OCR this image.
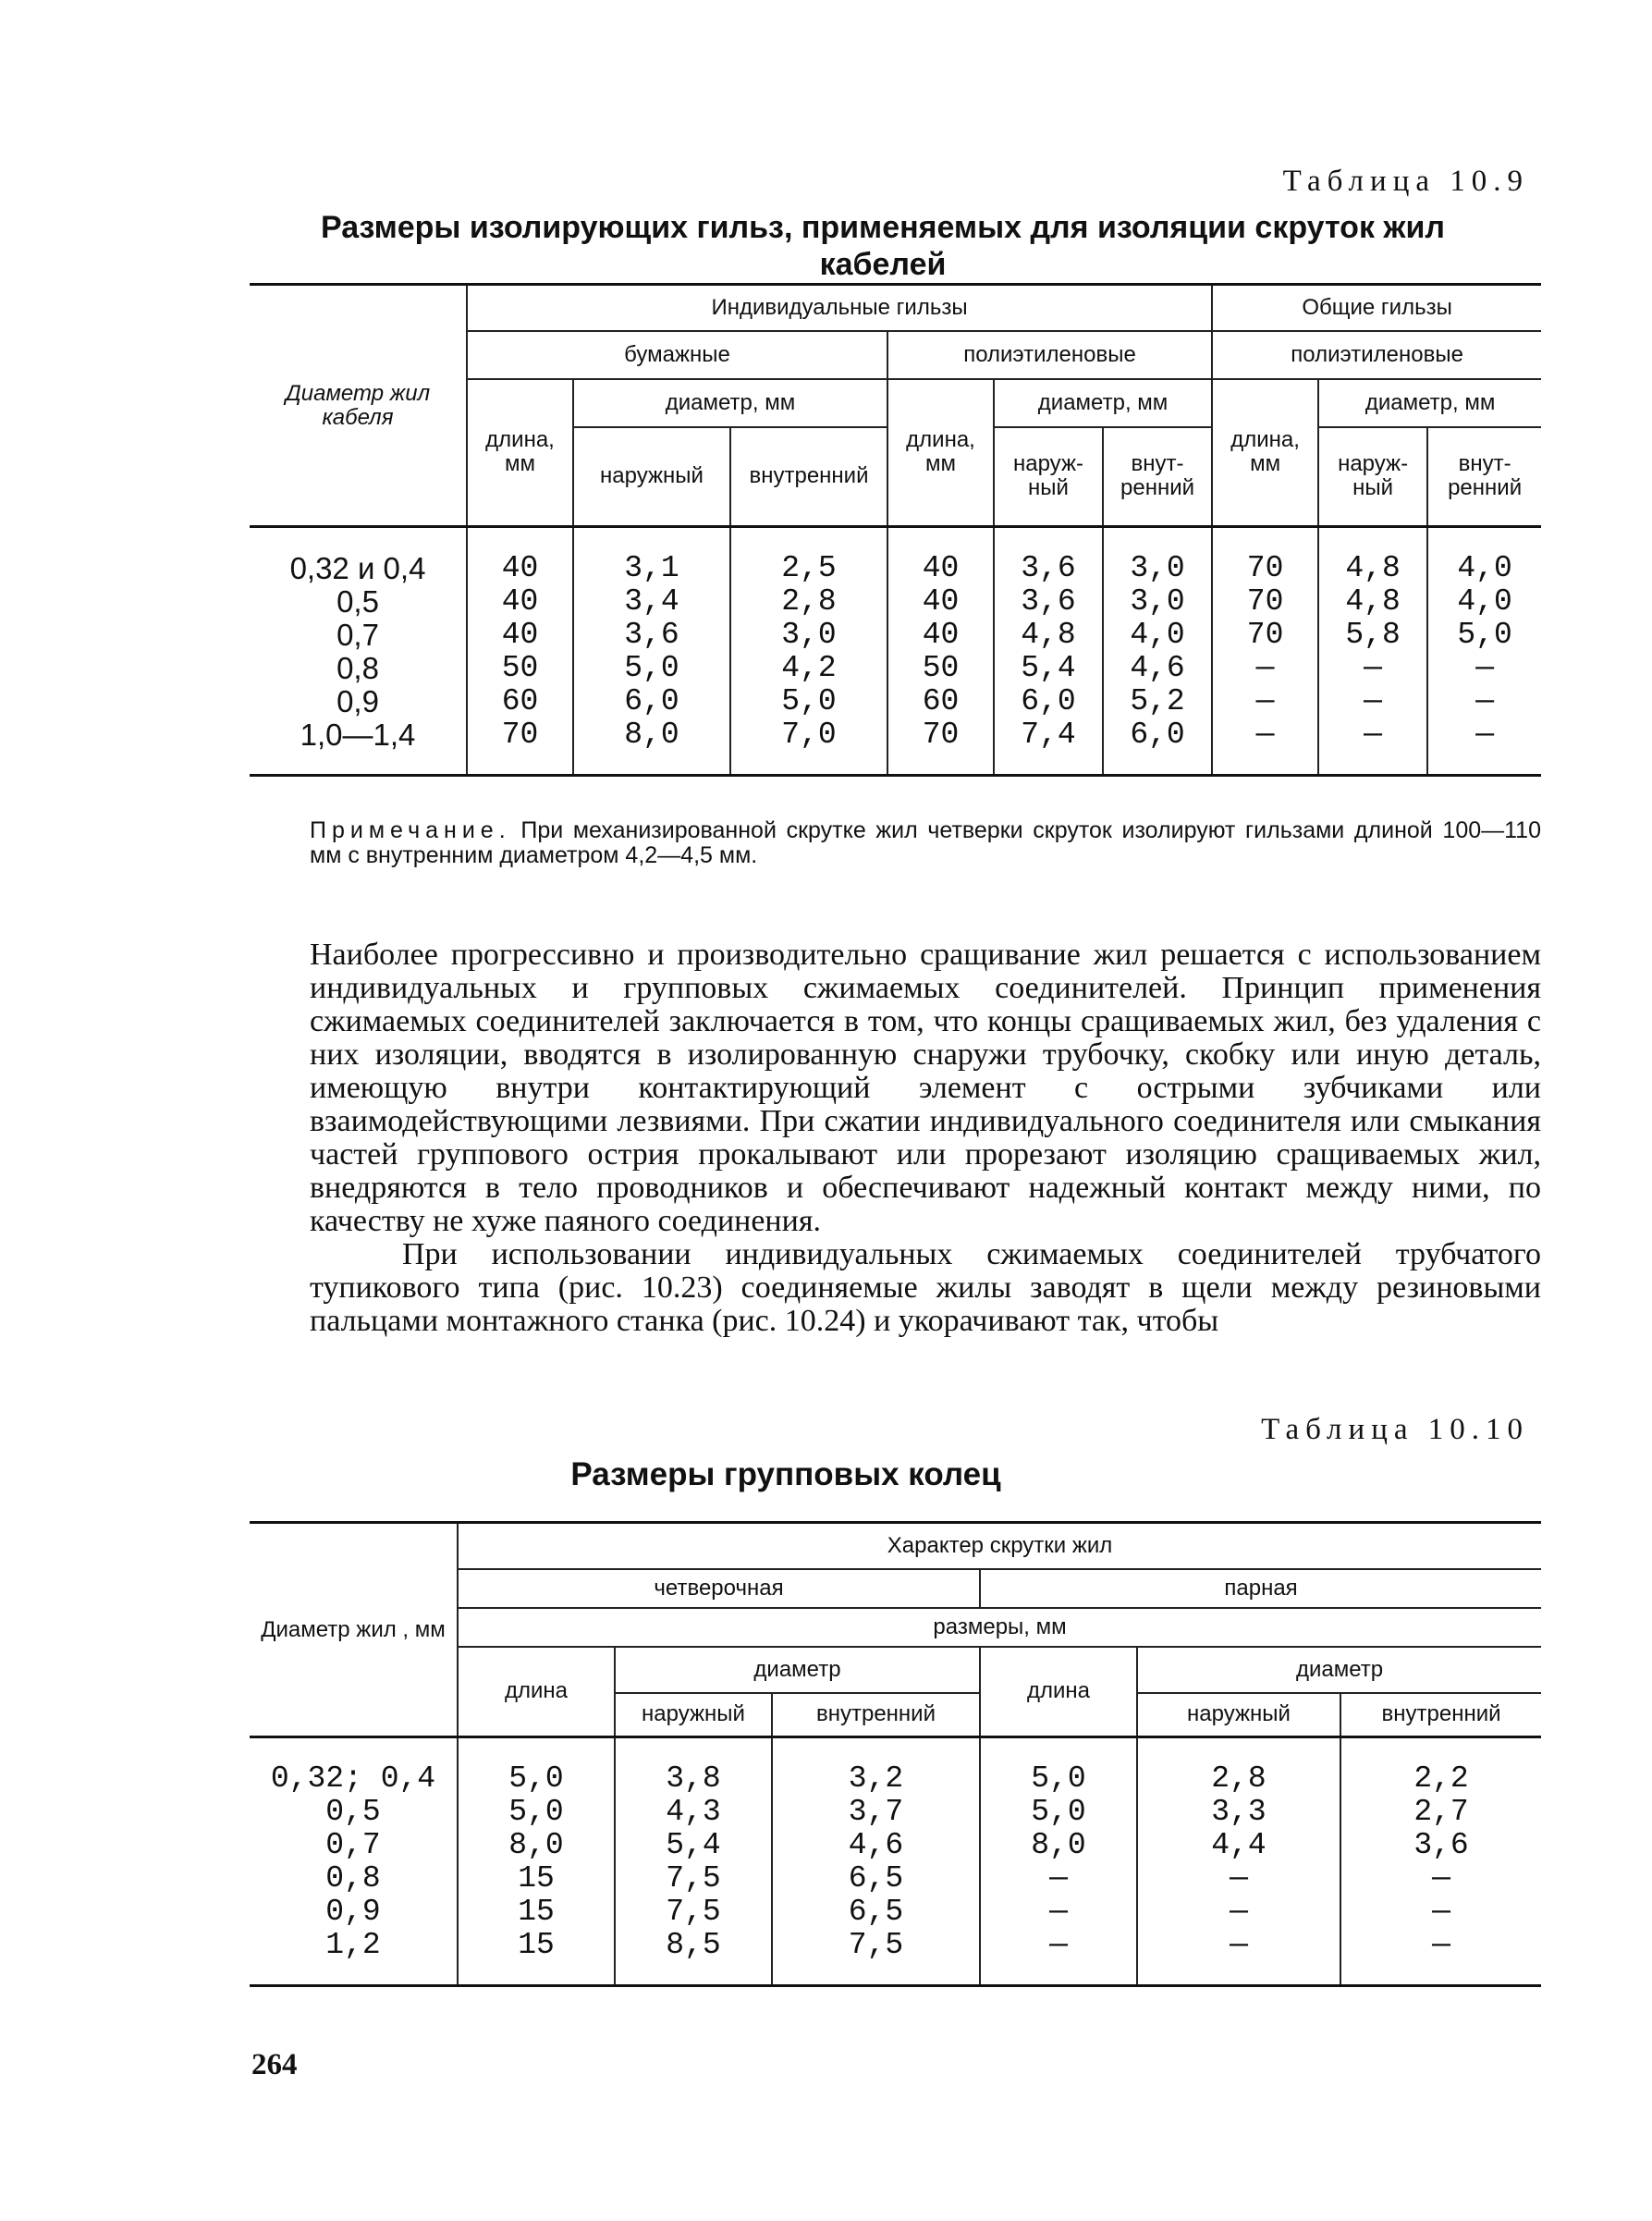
Таблица 10.9
Размеры изолирующих гильз, применяемых для изоляции скруток жил кабелей
Диаметр жил кабеля	Индивидуальные гильзы						Общие гильзы		
	бумажные			полиэтиленовые			полиэтиленовые		
	длина, мм	диаметр, мм		длина, мм	диаметр, мм		длина, мм	диаметр, мм	
		наружный	внутренний		наруж-ный	внут-ренний		наруж-ный	внут-ренний
0,32 и 0,4	40	3,1	2,5	40	3,6	3,0	70	4,8	4,0
0,5	40	3,4	2,8	40	3,6	3,0	70	4,8	4,0
0,7	40	3,6	3,0	40	4,8	4,0	70	5,8	5,0
0,8	50	5,0	4,2	50	5,4	4,6	—	—	—
0,9	60	6,0	5,0	60	6,0	5,2	—	—	—
1,0—1,4	70	8,0	7,0	70	7,4	6,0	—	—	—
Примечание. При механизированной скрутке жил четверки скруток изолируют гильзами длиной 100—110 мм с внутренним диаметром 4,2—4,5 мм.

Наиболее прогрессивно и производительно сращивание жил решается с использованием индивидуальных и групповых сжимаемых соединителей. Принцип применения сжимаемых соединителей заключается в том, что концы сращиваемых жил, без удаления с них изоляции, вводятся в изолированную снаружи трубочку, скобку или иную деталь, имеющую внутри контактирующий элемент с острыми зубчиками или взаимодействующими лезвиями. При сжатии индивидуального соединителя или смыкания частей группового острия прокалывают или прорезают изоляцию сращиваемых жил, внедряются в тело проводников и обеспечивают надежный контакт между ними, по качеству не хуже паяного соединения.

При использовании индивидуальных сжимаемых соединителей трубчатого тупикового типа (рис. 10.23) соединяемые жилы заводят в щели между резиновыми пальцами монтажного станка (рис. 10.24) и укорачивают так, чтобы

Таблица 10.10
Размеры групповых колец
Диаметр жил , мм	Характер скрутки жил					
	четверочная			парная		
	размеры, мм					
	длина	диаметр		длина	диаметр	
		наружный	внутренний		наружный	внутренний
0,32; 0,4	5,0	3,8	3,2	5,0	2,8	2,2
0,5	5,0	4,3	3,7	5,0	3,3	2,7
0,7	8,0	5,4	4,6	8,0	4,4	3,6
0,8	15	7,5	6,5	—	—	—
0,9	15	7,5	6,5	—	—	—
1,2	15	8,5	7,5	—	—	—
264
